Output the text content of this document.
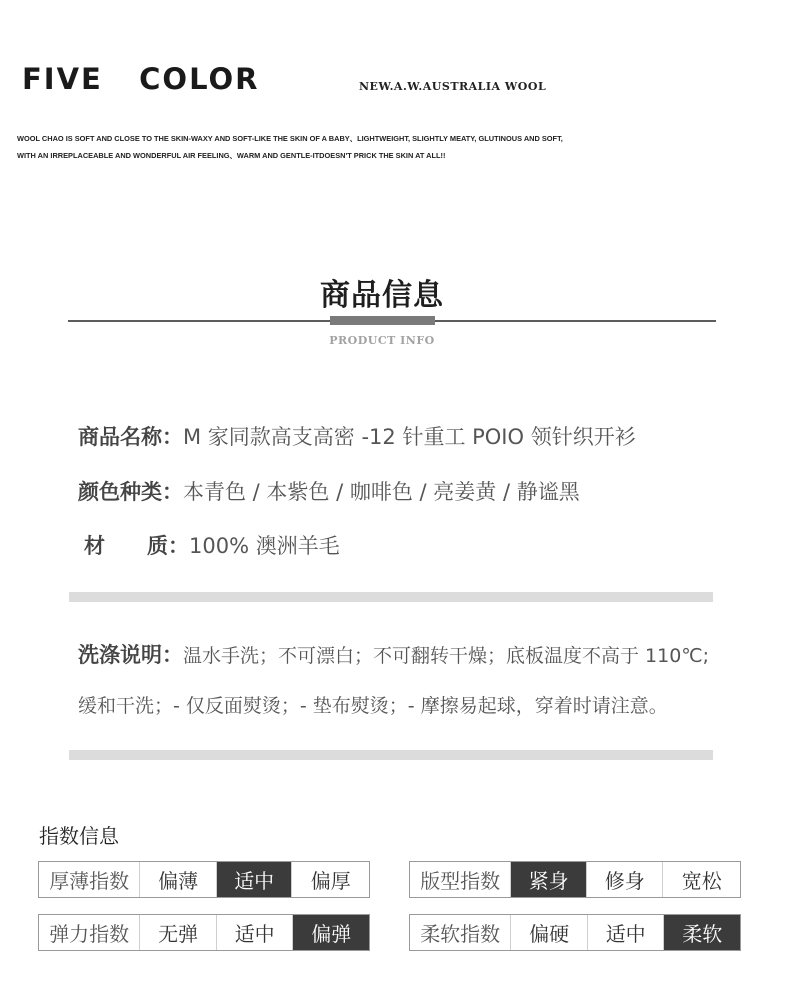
FIVE   COLOR	NEW.A.W.AUSTRALIA WOOL
WOOL CHAO IS SOFT AND CLOSE TO THE SKIN-WAXY AND SOFT-LIKE THE SKIN OF A BABY、LIGHTWEIGHT, SLIGHTLY MEATY, GLUTINOUS AND SOFT,
WITH AN IRREPLACEABLE AND WONDERFUL AIR FEELING、WARM AND GENTLE-ITDOESN'T PRICK THE SKIN AT ALL!!
商品信息
PRODUCT INFO
商品名称：M 家同款高支高密 -12 针重工 POIO 领针织开衫
颜色种类：本青色 / 本紫色 / 咖啡色 / 亮姜黄 / 静谧黑
材　　质：100% 澳洲羊毛
洗涤说明：温水手洗；不可漂白；不可翻转干燥；底板温度不高于 110℃;
缓和干洗；- 仅反面熨烫；- 垫布熨烫；- 摩擦易起球，穿着时请注意。
指数信息
厚薄指数	偏薄	适中	偏厚	版型指数	紧身	修身	宽松
弹力指数	无弹	适中	偏弹	柔软指数	偏硬	适中	柔软
